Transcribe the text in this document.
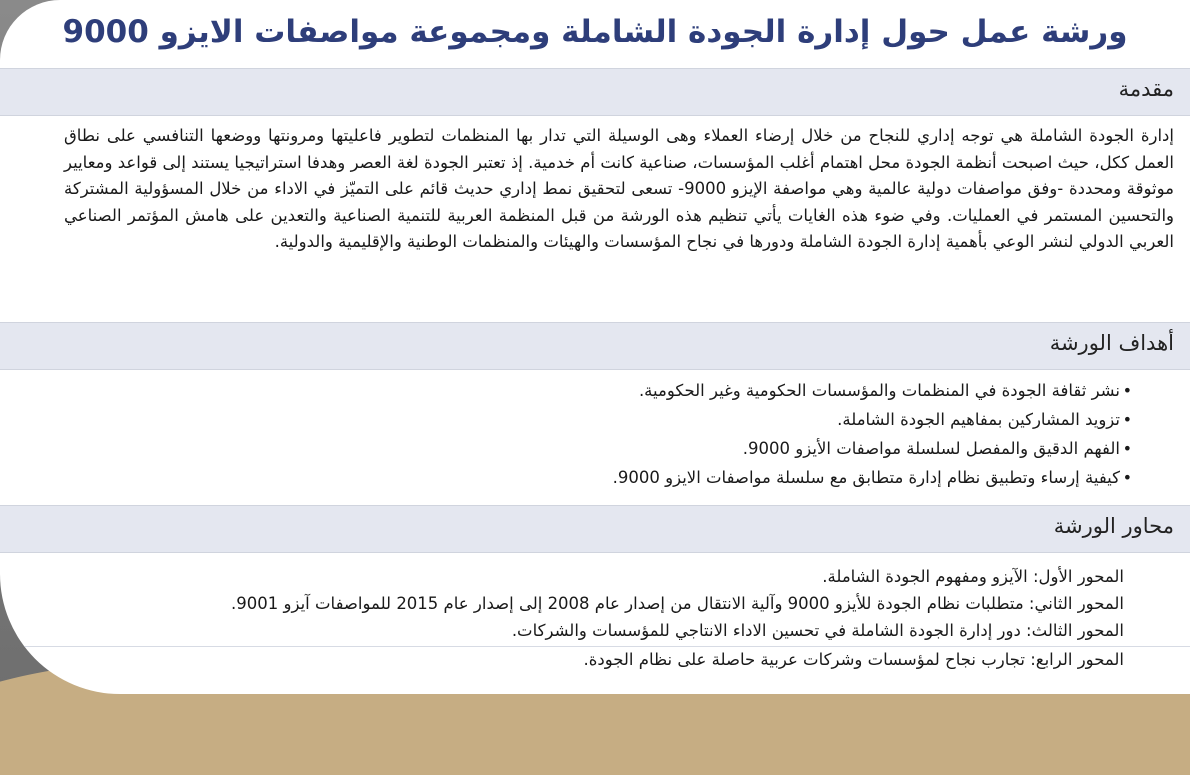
ورشة عمل حول إدارة الجودة الشاملة ومجموعة مواصفات الايزو 9000
مقدمة
إدارة الجودة الشاملة هي توجه إداري للنجاح من خلال إرضاء العملاء وهى الوسيلة التي تدار بها المنظمات لتطوير فاعليتها ومرونتها ووضعها التنافسي على نطاق العمل ككل، حيث اصبحت أنظمة الجودة محل اهتمام أغلب المؤسسات، صناعية كانت أم خدمية. إذ تعتبر الجودة لغة العصر وهدفا استراتيجيا يستند إلى قواعد ومعايير موثوقة ومحددة -وفق مواصفات دولية عالمية وهي مواصفة الإيزو 9000- تسعى لتحقيق نمط إداري حديث قائم على التميّز في الاداء من خلال المسؤولية المشتركة والتحسين المستمر في العمليات. وفي ضوء هذه الغايات يأتي تنظيم هذه الورشة من قبل المنظمة العربية للتنمية الصناعية والتعدين على هامش المؤتمر الصناعي العربي الدولي لنشر الوعي بأهمية إدارة الجودة الشاملة ودورها في نجاح المؤسسات والهيئات والمنظمات الوطنية والإقليمية والدولية.
أهداف الورشة
•
نشر ثقافة الجودة في المنظمات والمؤسسات الحكومية وغير الحكومية.
•
تزويد المشاركين بمفاهيم الجودة الشاملة.
•
الفهم الدقيق والمفصل لسلسلة مواصفات الأيزو 9000.
•
كيفية إرساء وتطبيق نظام إدارة متطابق مع سلسلة مواصفات الايزو 9000.
محاور الورشة
المحور الأول: الآيزو ومفهوم الجودة الشاملة.
المحور الثاني: متطلبات نظام الجودة للأيزو 9000 وآلية الانتقال من إصدار عام 2008 إلى إصدار عام 2015 للمواصفات آيزو 9001.
المحور الثالث: دور إدارة الجودة الشاملة في تحسين الاداء الانتاجي للمؤسسات والشركات.
المحور الرابع: تجارب نجاح لمؤسسات وشركات عربية حاصلة على نظام الجودة.
